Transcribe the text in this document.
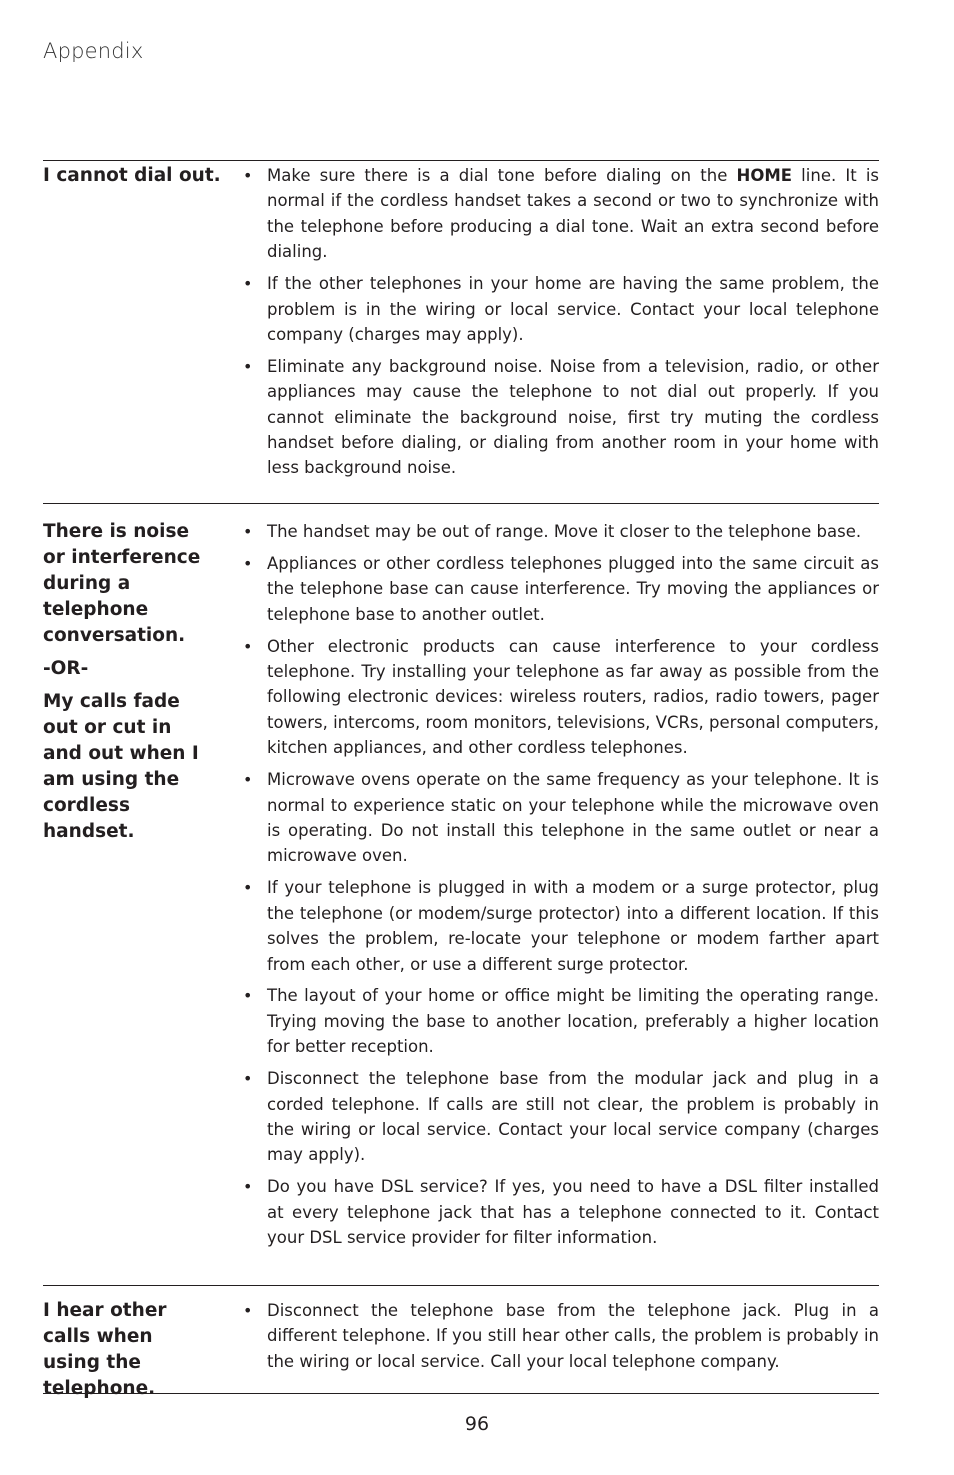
Appendix

I cannot dial out.

•	Make sure there is a dial tone before dialing on the HOME line. It is normal if the cordless handset takes a second or two to synchronize with the telephone before producing a dial tone. Wait an extra second before dialing.
• If the other telephones in your home are having the same problem, the problem is in the wiring or local service. Contact your local telephone company (charges may apply).
• Eliminate any background noise. Noise from a television, radio, or other appliances may cause the telephone to not dial out properly. If you cannot eliminate the background noise, first try muting the cordless handset before dialing, or dialing from another room in your home with less background noise.

There is noise or interference during a telephone conversation.

-OR-

My calls fade out or cut in and out when I am using the cordless handset.

• The handset may be out of range. Move it closer to the telephone base.
• Appliances or other cordless telephones plugged into the same circuit as the telephone base can cause interference. Try moving the appliances or telephone base to another outlet.
• Other electronic products can cause interference to your cordless telephone. Try installing your telephone as far away as possible from the following electronic devices: wireless routers, radios, radio towers, pager towers, intercoms, room monitors, televisions, VCRs, personal computers, kitchen appliances, and other cordless telephones.
• Microwave ovens operate on the same frequency as your telephone. It is normal to experience static on your telephone while the microwave oven is operating. Do not install this telephone in the same outlet or near a microwave oven.
• If your telephone is plugged in with a modem or a surge protector, plug the telephone (or modem/surge protector) into a different location. If this solves the problem, re-locate your telephone or modem farther apart from each other, or use a different surge protector.
• The layout of your home or office might be limiting the operating range. Trying moving the base to another location, preferably a higher location for better reception.
• Disconnect the telephone base from the modular jack and plug in a corded telephone. If calls are still not clear, the problem is probably in the wiring or local service. Contact your local service company (charges may apply).
• Do you have DSL service? If yes, you need to have a DSL filter installed at every telephone jack that has a telephone connected to it. Contact your DSL service provider for filter information.

I hear other calls when using the telephone.

• Disconnect the telephone base from the telephone jack. Plug in a different telephone. If you still hear other calls, the problem is probably in the wiring or local service. Call your local telephone company.
96
